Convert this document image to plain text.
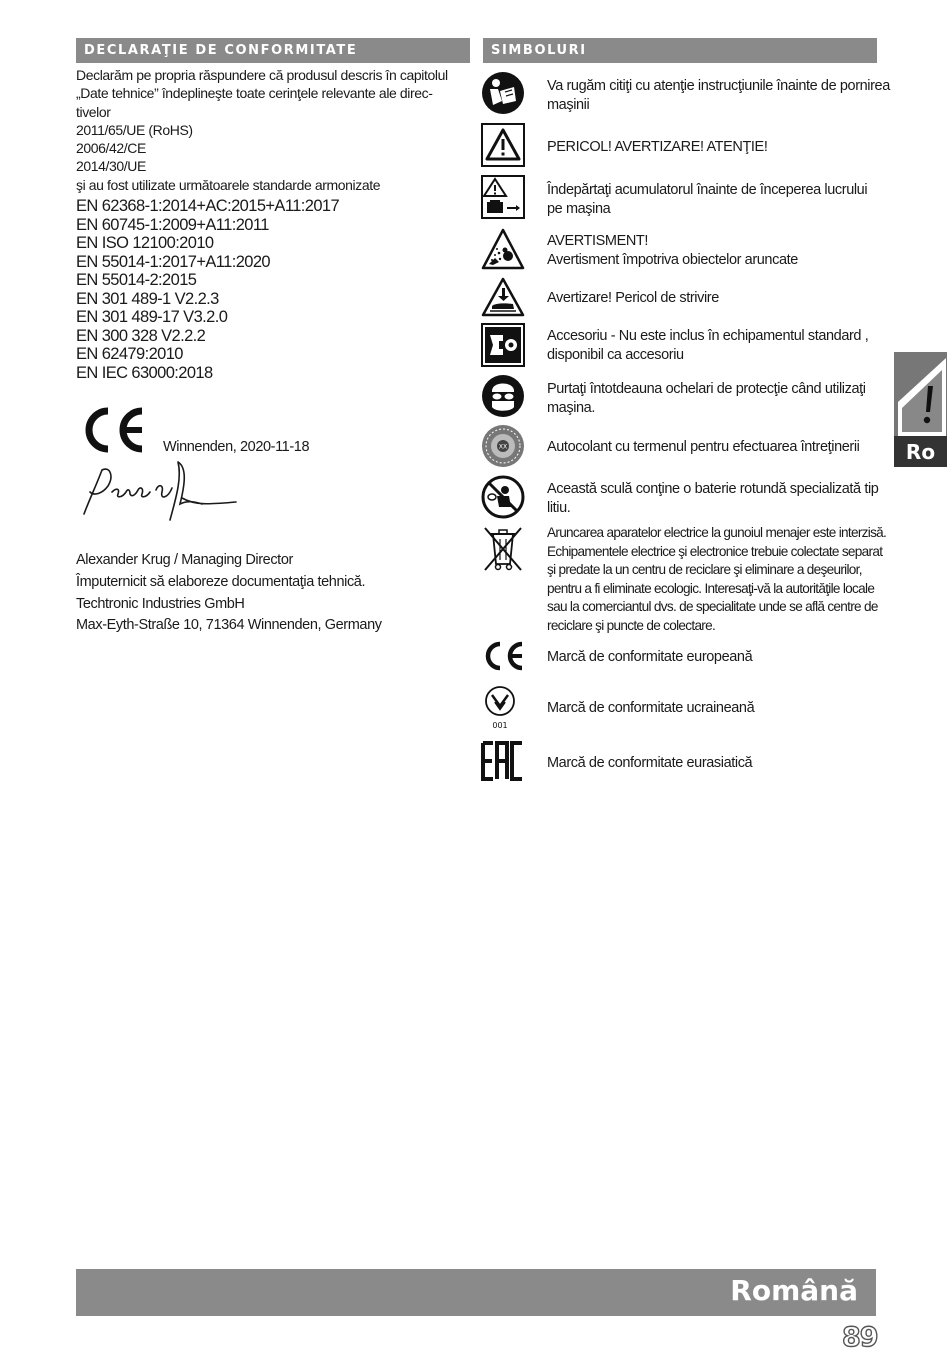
DECLARAŢIE DE CONFORMITATE
Declarăm pe propria răspundere că produsul descris în capitolul
„Date tehnice” îndeplineşte toate cerinţele relevante ale direc-
tivelor
2011/65/UE (RoHS)
2006/42/CE
2014/30/UE
şi au fost utilizate următoarele standarde armonizate
EN 62368-1:2014+AC:2015+A11:2017
EN 60745-1:2009+A11:2011
EN ISO 12100:2010
EN 55014-1:2017+A11:2020
EN 55014-2:2015
EN 301 489-1 V2.2.3
EN 301 489-17 V3.2.0
EN 300 328 V2.2.2
EN 62479:2010
EN IEC 63000:2018
Winnenden, 2020-11-18
Alexander Krug / Managing Director
Împuternicit să elaboreze documentaţia tehnică.
Techtronic Industries GmbH
Max-Eyth-Straße 10, 71364 Winnenden, Germany
SIMBOLURI
Va rugăm citiţi cu atenţie instrucţiunile înainte de pornirea
maşinii
PERICOL! AVERTIZARE! ATENŢIE!
Îndepărtaţi acumulatorul înainte de începerea lucrului
pe maşina
AVERTISMENT!
Avertisment împotriva obiectelor aruncate
Avertizare! Pericol de strivire
Accesoriu - Nu este inclus în echipamentul standard ,
disponibil ca accesoriu
Purtaţi întotdeauna ochelari de protecţie când utilizaţi
maşina.
XX	Autocolant cu termenul pentru efectuarea întreţinerii
Această sculă conţine o baterie rotundă specializată tip
litiu.
Aruncarea aparatelor electrice la gunoiul menajer este interzisă.
Echipamentele electrice şi electronice trebuie colectate separat
şi predate la un centru de reciclare şi eliminare a deşeurilor,
pentru a fi eliminate ecologic. Interesaţi-vă la autorităţile locale
sau la comerciantul dvs. de specialitate unde se află centre de
reciclare şi puncte de colectare.
Marcă de conformitate europeană
001
Marcă de conformitate ucraineană
Marcă de conformitate eurasiatică
Ro
Română
89
